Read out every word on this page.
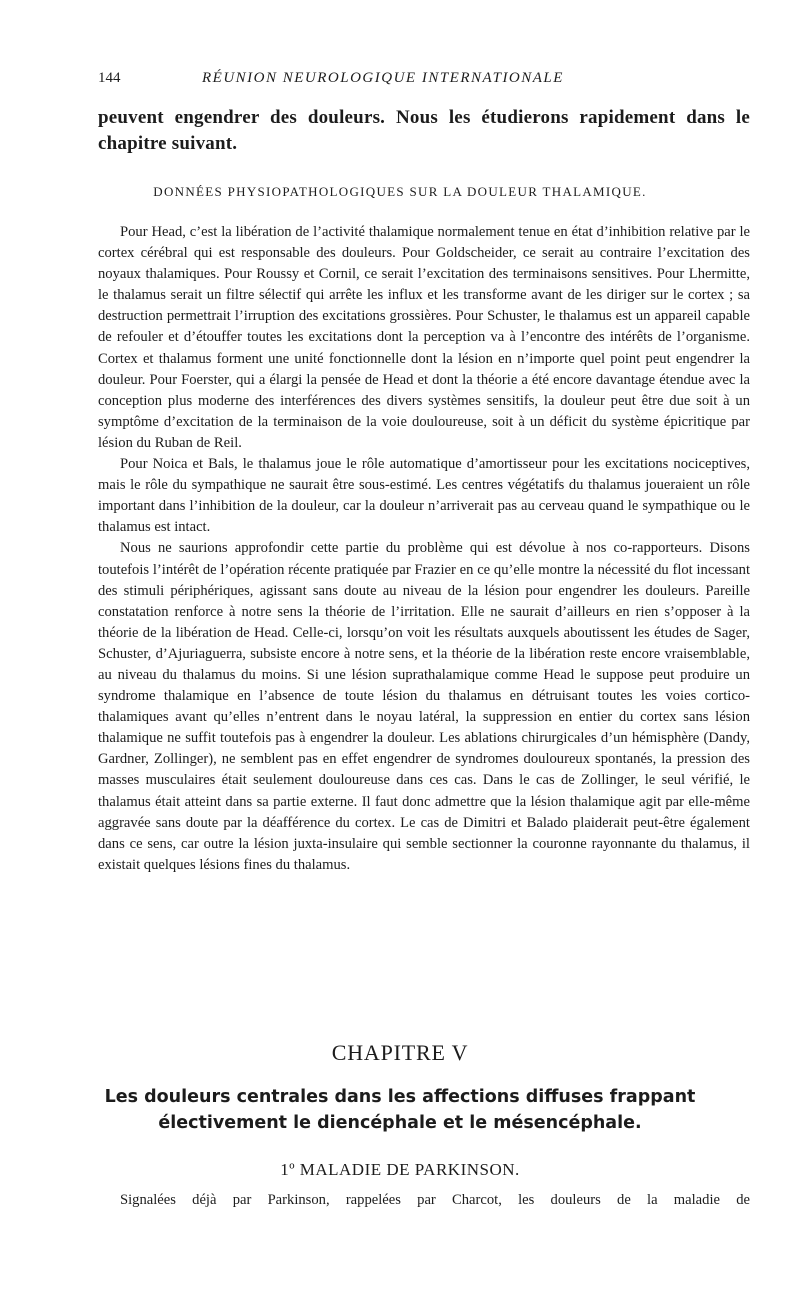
144	RÉUNION NEUROLOGIQUE INTERNATIONALE
peuvent engendrer des douleurs. Nous les étudierons rapidement dans le chapitre suivant.
DONNÉES PHYSIOPATHOLOGIQUES SUR LA DOULEUR THALAMIQUE.

Pour Head, c’est la libération de l’activité thalamique normalement tenue en état d’inhibition relative par le cortex cérébral qui est responsable des douleurs. Pour Goldscheider, ce serait au contraire l’excitation des noyaux thalamiques. Pour Roussy et Cornil, ce serait l’excitation des terminaisons sensitives. Pour Lhermitte, le thalamus serait un filtre sélectif qui arrête les influx et les transforme avant de les diriger sur le cortex ; sa destruction permettrait l’irruption des excitations grossières. Pour Schuster, le thalamus est un appareil capable de refouler et d’étouffer toutes les excitations dont la perception va à l’encontre des intérêts de l’organisme. Cortex et thalamus forment une unité fonctionnelle dont la lésion en n’importe quel point peut engendrer la douleur. Pour Foerster, qui a élargi la pensée de Head et dont la théorie a été encore davantage étendue avec la conception plus moderne des interférences des divers systèmes sensitifs, la douleur peut être due soit à un symptôme d’excitation de la terminaison de la voie douloureuse, soit à un déficit du système épicritique par lésion du Ruban de Reil.

Pour Noica et Bals, le thalamus joue le rôle automatique d’amortisseur pour les excitations nociceptives, mais le rôle du sympathique ne saurait être sous-estimé. Les centres végétatifs du thalamus joueraient un rôle important dans l’inhibition de la douleur, car la douleur n’arriverait pas au cerveau quand le sympathique ou le thalamus est intact.

Nous ne saurions approfondir cette partie du problème qui est dévolue à nos co-rapporteurs. Disons toutefois l’intérêt de l’opération récente pratiquée par Frazier en ce qu’elle montre la nécessité du flot incessant des stimuli périphériques, agissant sans doute au niveau de la lésion pour engendrer les douleurs. Pareille constatation renforce à notre sens la théorie de l’irritation. Elle ne saurait d’ailleurs en rien s’opposer à la théorie de la libération de Head. Celle-ci, lorsqu’on voit les résultats auxquels aboutissent les études de Sager, Schuster, d’Ajuriaguerra, subsiste encore à notre sens, et la théorie de la libération reste encore vraisemblable, au niveau du thalamus du moins. Si une lésion suprathalamique comme Head le suppose peut produire un syndrome thalamique en l’absence de toute lésion du thalamus en détruisant toutes les voies cortico-thalamiques avant qu’elles n’entrent dans le noyau latéral, la suppression en entier du cortex sans lésion thalamique ne suffit toutefois pas à engendrer la douleur. Les ablations chirurgicales d’un hémisphère (Dandy, Gardner, Zollinger), ne semblent pas en effet engendrer de syndromes douloureux spontanés, la pression des masses musculaires était seulement douloureuse dans ces cas. Dans le cas de Zollinger, le seul vérifié, le thalamus était atteint dans sa partie externe. Il faut donc admettre que la lésion thalamique agit par elle-même aggravée sans doute par la déafférence du cortex. Le cas de Dimitri et Balado plaiderait peut-être également dans ce sens, car outre la lésion juxta-insulaire qui semble sectionner la couronne rayonnante du thalamus, il existait quelques lésions fines du thalamus.

CHAPITRE V
Les douleurs centrales dans les affections diffuses frappant
électivement le diencéphale et le mésencéphale.
1º MALADIE DE PARKINSON.
Signalées déjà par Parkinson, rappelées par Charcot, les douleurs de la maladie de
